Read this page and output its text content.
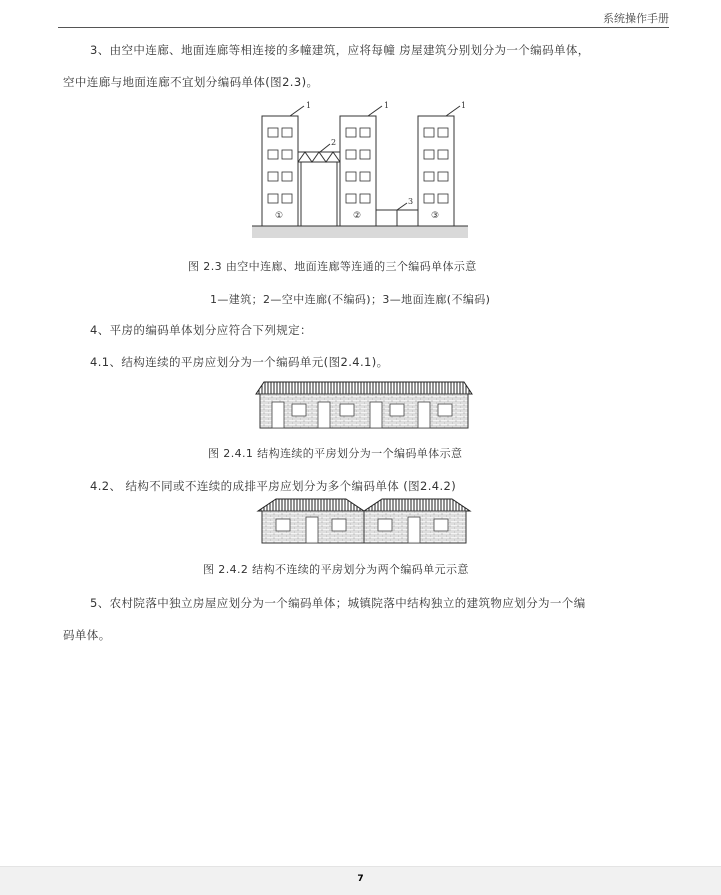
系统操作手册
3、由空中连廊、地面连廊等相连接的多幢建筑，应将每幢 房屋建筑分别划分为一个编码单体，
空中连廊与地面连廊不宜划分编码单体(图2.3)。
1	1	1
2
3
①	②	③
图 2.3 由空中连廊、地面连廊等连通的三个编码单体示意
1—建筑；2—空中连廊(不编码)；3—地面连廊(不编码)
4、平房的编码单体划分应符合下列规定：
4.1、结构连续的平房应划分为一个编码单元(图2.4.1)。
图 2.4.1 结构连续的平房划分为一个编码单体示意
4.2、 结构不同或不连续的成排平房应划分为多个编码单体 (图2.4.2)
图 2.4.2 结构不连续的平房划分为两个编码单元示意
5、农村院落中独立房屋应划分为一个编码单体；城镇院落中结构独立的建筑物应划分为一个编
码单体。
7
